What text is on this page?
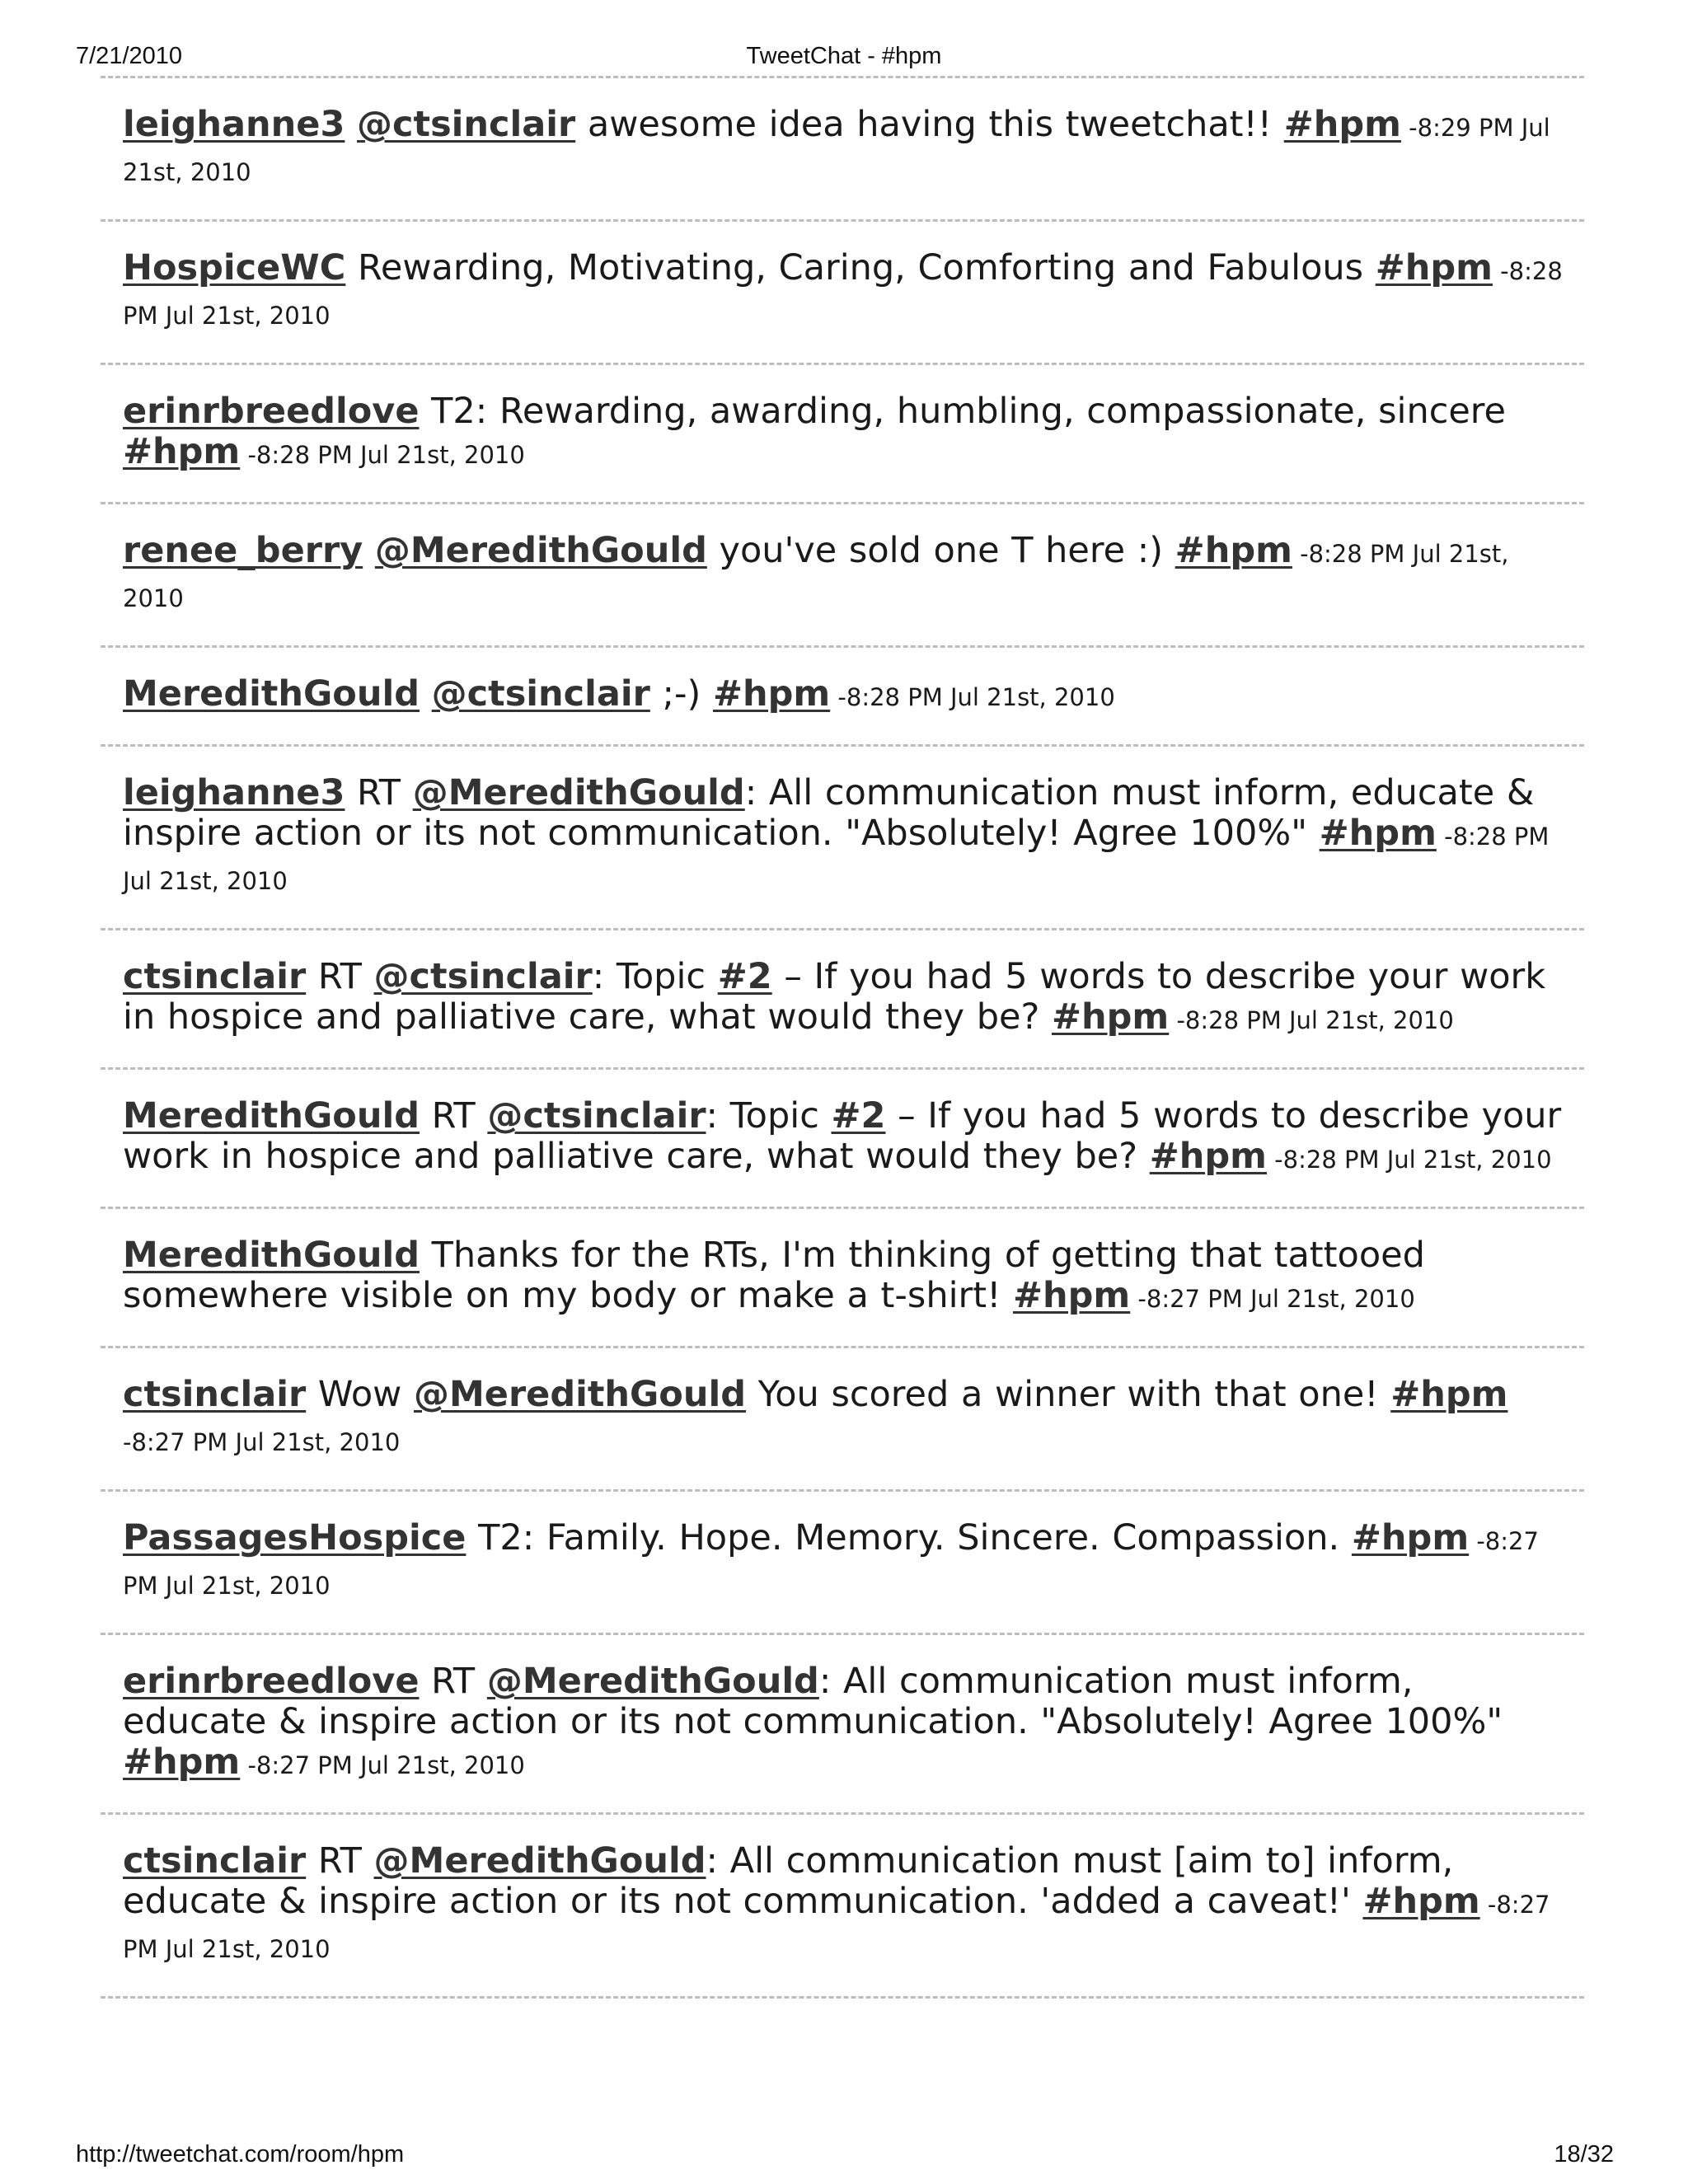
TweetChat - #hpm
7/21/2010
leighanne3 @ctsinclair awesome idea having this tweetchat!! #hpm -8:29 PM Jul 21st, 2010
HospiceWC Rewarding, Motivating, Caring, Comforting and Fabulous #hpm -8:28 PM Jul 21st, 2010
erinrbreedlove T2: Rewarding, awarding, humbling, compassionate, sincere #hpm -8:28 PM Jul 21st, 2010
renee_berry @MeredithGould you've sold one T here :) #hpm -8:28 PM Jul 21st, 2010
MeredithGould @ctsinclair ;-) #hpm -8:28 PM Jul 21st, 2010
leighanne3 RT @MeredithGould: All communication must inform, educate & inspire action or its not communication. "Absolutely! Agree 100%" #hpm -8:28 PM Jul 21st, 2010
ctsinclair RT @ctsinclair: Topic #2 – If you had 5 words to describe your work in hospice and palliative care, what would they be? #hpm -8:28 PM Jul 21st, 2010
MeredithGould RT @ctsinclair: Topic #2 – If you had 5 words to describe your work in hospice and palliative care, what would they be? #hpm -8:28 PM Jul 21st, 2010
MeredithGould Thanks for the RTs, I'm thinking of getting that tattooed somewhere visible on my body or make a t-shirt! #hpm -8:27 PM Jul 21st, 2010
ctsinclair Wow @MeredithGould You scored a winner with that one! #hpm -8:27 PM Jul 21st, 2010
PassagesHospice T2: Family. Hope. Memory. Sincere. Compassion. #hpm -8:27 PM Jul 21st, 2010
erinrbreedlove RT @MeredithGould: All communication must inform, educate & inspire action or its not communication. "Absolutely! Agree 100%" #hpm -8:27 PM Jul 21st, 2010
ctsinclair RT @MeredithGould: All communication must [aim to] inform, educate & inspire action or its not communication. 'added a caveat!' #hpm -8:27 PM Jul 21st, 2010
http://tweetchat.com/room/hpm	18/32
